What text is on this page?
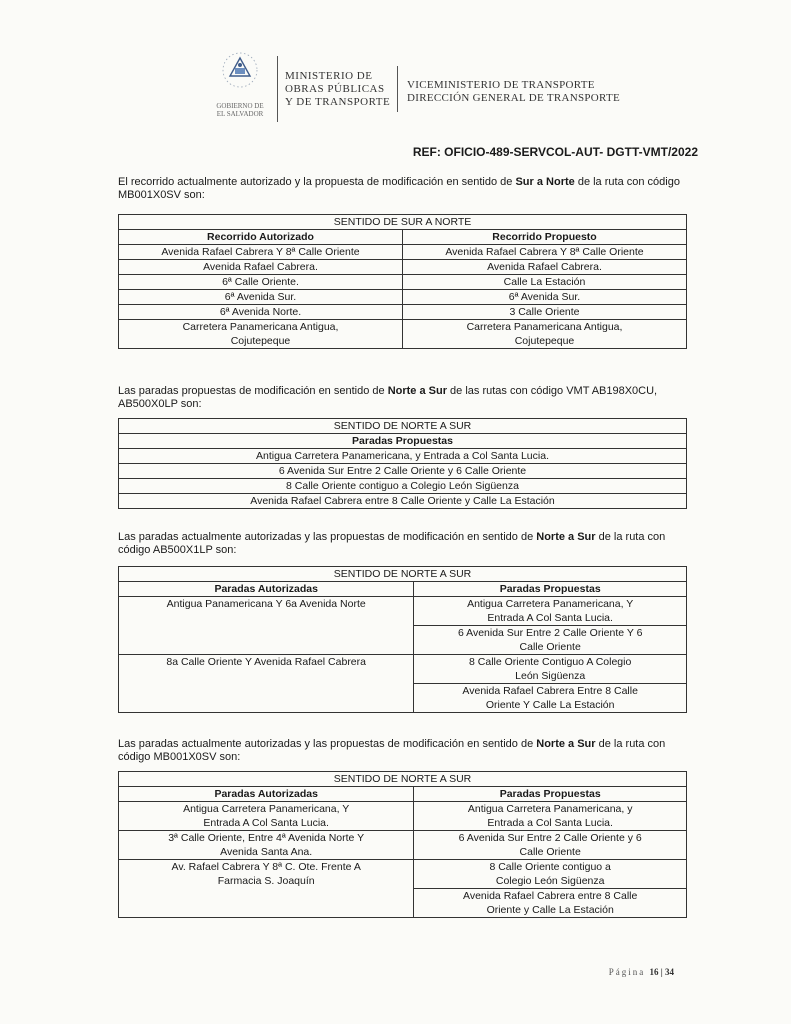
GOBIERNO DE
EL SALVADOR
MINISTERIO DE
OBRAS PÚBLICAS
Y DE TRANSPORTE
VICEMINISTERIO DE TRANSPORTE
DIRECCIÓN GENERAL DE TRANSPORTE
REF: OFICIO-489-SERVCOL-AUT- DGTT-VMT/2022
El recorrido actualmente autorizado y la propuesta de modificación en sentido de Sur a Norte de la ruta con código MB001X0SV son:
SENTIDO DE SUR A NORTE	
Recorrido Autorizado	Recorrido Propuesto
Avenida Rafael Cabrera Y 8ª Calle Oriente	Avenida Rafael Cabrera Y 8ª Calle Oriente
Avenida Rafael Cabrera.	Avenida Rafael Cabrera.
6ª Calle Oriente.	Calle La Estación
6ª Avenida Sur.	6ª Avenida Sur.
6ª Avenida Norte.	3 Calle Oriente
Carretera Panamericana Antigua, Cojutepeque	Carretera Panamericana Antigua, Cojutepeque
Las paradas propuestas de modificación en sentido de Norte a Sur de las rutas con código VMT AB198X0CU, AB500X0LP son:
SENTIDO DE NORTE A SUR
Paradas Propuestas
Antigua Carretera Panamericana, y Entrada a Col Santa Lucia.
6 Avenida Sur Entre 2 Calle Oriente y 6 Calle Oriente
8 Calle Oriente contiguo a Colegio León Sigüenza
Avenida Rafael Cabrera entre 8 Calle Oriente y Calle La Estación
Las paradas actualmente autorizadas y las propuestas de modificación en sentido de Norte a Sur de la ruta con código AB500X1LP son:
SENTIDO DE NORTE A SUR	
Paradas Autorizadas	Paradas Propuestas
Antigua Panamericana Y 6a Avenida Norte	Antigua Carretera Panamericana, Y Entrada A Col Santa Lucia.
	6 Avenida Sur Entre 2 Calle Oriente Y 6 Calle Oriente
8a Calle Oriente Y Avenida Rafael Cabrera	8 Calle Oriente Contiguo A Colegio León Sigüenza
	Avenida Rafael Cabrera Entre 8 Calle Oriente Y Calle La Estación
Las paradas actualmente autorizadas y las propuestas de modificación en sentido de Norte a Sur de la ruta con código MB001X0SV son:
SENTIDO DE NORTE A SUR	
Paradas Autorizadas	Paradas Propuestas
Antigua Carretera Panamericana, Y Entrada A Col Santa Lucia.	Antigua Carretera Panamericana, y Entrada a Col Santa Lucia.
3ª Calle Oriente, Entre 4ª Avenida Norte Y Avenida Santa Ana.	6 Avenida Sur Entre 2 Calle Oriente y 6 Calle Oriente
Av. Rafael Cabrera Y 8ª C. Ote. Frente A Farmacia S. Joaquín	8 Calle Oriente contiguo a Colegio León Sigüenza
	Avenida Rafael Cabrera entre 8 Calle Oriente y Calle La Estación
Página 16 | 34
